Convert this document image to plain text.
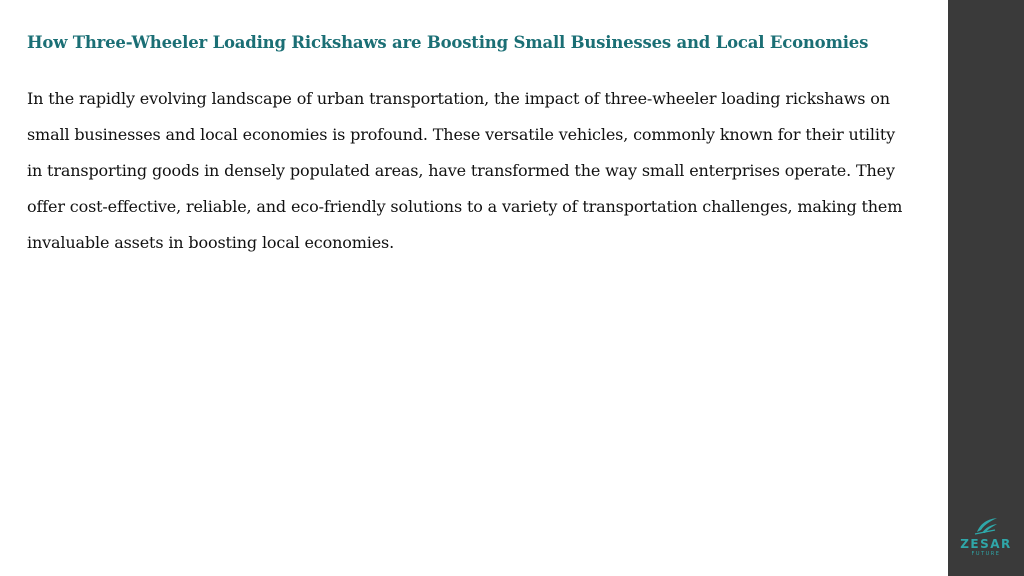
How Three-Wheeler Loading Rickshaws are Boosting Small Businesses and Local Economies

In the rapidly evolving landscape of urban transportation, the impact of three-wheeler loading rickshaws on small businesses and local economies is profound. These versatile vehicles, commonly known for their utility in transporting goods in densely populated areas, have transformed the way small enterprises operate. They offer cost-effective, reliable, and eco-friendly solutions to a variety of transportation challenges, making them invaluable assets in boosting local economies.

ZESAR
FUTURE
